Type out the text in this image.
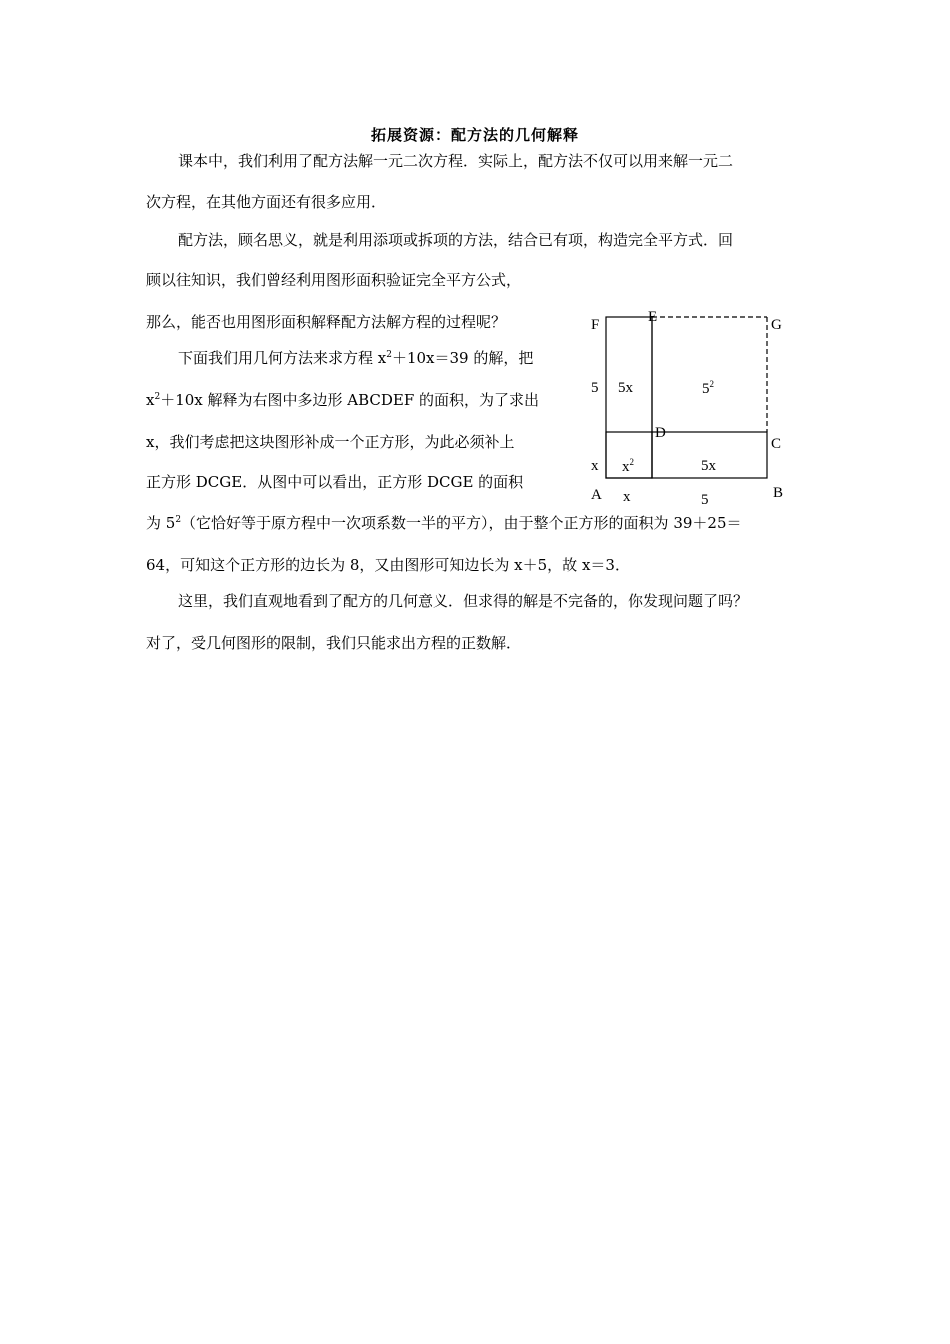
拓展资源：配方法的几何解释

课本中，我们利用了配方法解一元二次方程．实际上，配方法不仅可以用来解一元二

次方程，在其他方面还有很多应用．

配方法，顾名思义，就是利用添项或拆项的方法，结合已有项，构造完全平方式．回

顾以往知识，我们曾经利用图形面积验证完全平方公式，

那么，能否也用图形面积解释配方法解方程的过程呢？

下面我们用几何方法来求方程 $x^2+10x=39$ 的解，把

$x^2+10x$ 解释为右图中多边形 ABCDEF 的面积，为了求出

x，我们考虑把这块图形补成一个正方形，为此必须补上

正方形 DCGE．从图中可以看出，正方形 DCGE 的面积

为 $5^2$（它恰好等于原方程中一次项系数一半的平方），由于整个正方形的面积为 39＋25＝

64，可知这个正方形的边长为 8，又由图形可知边长为 x＋5，故 x＝3．

这里，我们直观地看到了配方的几何意义．但求得的解是不完备的，你发现问题了吗？

对了，受几何图形的限制，我们只能求出方程的正数解．

F	E	G
D
C
A	B
5
x
x	5
5x	$5^2$
$x^2$	5x
